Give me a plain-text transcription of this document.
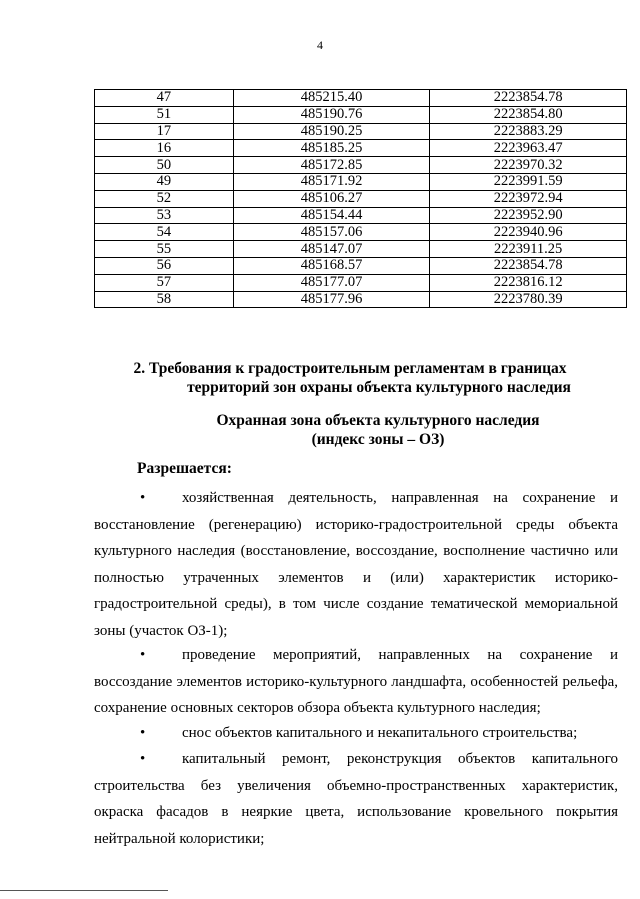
4
47	485215.40	2223854.78
51	485190.76	2223854.80
17	485190.25	2223883.29
16	485185.25	2223963.47
50	485172.85	2223970.32
49	485171.92	2223991.59
52	485106.27	2223972.94
53	485154.44	2223952.90
54	485157.06	2223940.96
55	485147.07	2223911.25
56	485168.57	2223854.78
57	485177.07	2223816.12
58	485177.96	2223780.39
2. Требования к градостроительным регламентам в границах
территорий зон охраны объекта культурного наследия
Охранная зона объекта культурного наследия
(индекс зоны – ОЗ)
Разрешается:
• хозяйственная деятельность, направленная на сохранение и восстановление (регенерацию) историко-градостроительной среды объекта культурного наследия (восстановление, воссоздание, восполнение частично или полностью утраченных элементов и (или) характеристик историко-градостроительной среды), в том числе создание тематической мемориальной зоны (участок ОЗ-1);
• проведение мероприятий, направленных на сохранение и воссоздание элементов историко-культурного ландшафта, особенностей рельефа, сохранение основных секторов обзора объекта культурного наследия;
• снос объектов капитального и некапитального строительства;
• капитальный ремонт, реконструкция объектов капитального строительства без увеличения объемно-пространственных характеристик, окраска фасадов в неяркие цвета, использование кровельного покрытия нейтральной колористики;
